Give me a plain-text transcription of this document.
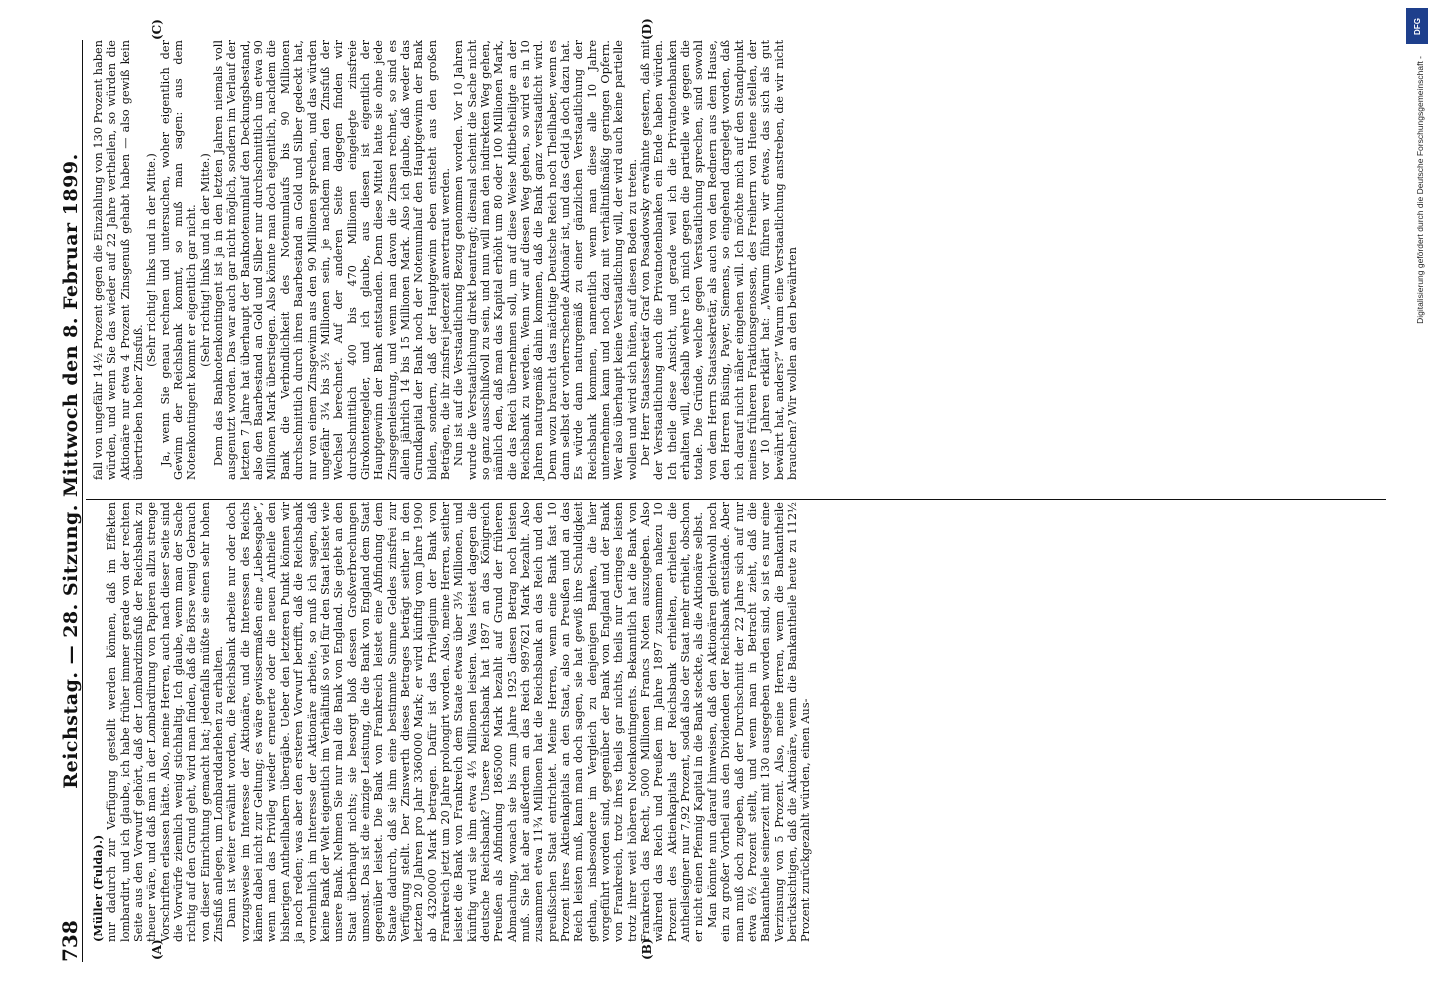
738
Reichstag. — 28. Sitzung. Mittwoch den 8. Februar 1899.
(A)	(B)
(C)	(D)

(Müller (Fulda).) nur dadurch zur Verfügung gestellt werden können, daß im Effekten lombardirt, und ich glaube, ich habe früher immer gerade von der rechten Seite aus den Vorwurf gehört, daß der Lombardzinsfuß der Reichsbank zu theuer wäre, und daß man in der Lombardirung von Papieren allzu strenge Vorschriften erlassen hätte. Also, meine Herren, auch nach dieser Seite sind die Vorwürfe ziemlich wenig stichhaltig. Ich glaube, wenn man der Sache richtig auf den Grund geht, wird man finden, daß die Börse wenig Gebrauch von dieser Einrichtung gemacht hat; jedenfalls müßte sie einen sehr hohen Zinsfuß anlegen, um Lombarddarlehen zu erhalten. Dann ist weiter erwähnt worden, die Reichsbank arbeite nur oder doch vorzugsweise im Interesse der Aktionäre, und die Interessen des Reichs kämen dabei nicht zur Geltung; es wäre gewissermaßen eine „Liebesgabe“, wenn man das Privileg wieder erneuerte oder die neuen Antheile den bisherigen Antheilhabern übergäbe. Ueber den letzteren Punkt können wir ja noch reden; was aber den ersteren Vorwurf betrifft, daß die Reichsbank vornehmlich im Interesse der Aktionäre arbeite, so muß ich sagen, daß keine Bank der Welt eigentlich im Verhältniß so viel für den Staat leistet wie unsere Bank. Nehmen Sie nur mal die Bank von England. Sie giebt an den Staat überhaupt nichts; sie besorgt bloß dessen Großverbrechungen umsonst. Das ist die einzige Leistung, die die Bank von England dem Staat gegenüber leistet. Die Bank von Frankreich leistet eine Abfindung dem Staate dadurch, daß sie ihm eine bestimmte Summe Geldes zinsfrei zur Verfügung stellt. Der Zinswerth dieses Betrages beträgt seither in den letzten 20 Jahren pro Jahr 3360000 Mark; er wird künftig vom Jahre 1900 ab 4320000 Mark betragen. Dafür ist das Privilegium der Bank von Frankreich jetzt um 20 Jahre prolongirt worden. Also, meine Herren, seither leistet die Bank von Frankreich dem Staate etwas über 3⅓ Millionen, und künftig wird sie ihm etwa 4⅓ Millionen leisten. Was leistet dagegen die deutsche Reichsbank? Unsere Reichsbank hat 1897 an das Königreich Preußen als Abfindung 1865000 Mark bezahlt auf Grund der früheren Abmachung, wonach sie bis zum Jahre 1925 diesen Betrag noch leisten muß. Sie hat aber außerdem an das Reich 9897621 Mark bezahlt. Also zusammen etwa 11¾ Millionen hat die Reichsbank an das Reich und den preußischen Staat entrichtet. Meine Herren, wenn eine Bank fast 10 Prozent ihres Aktienkapitals an den Staat, also an Preußen und an das Reich leisten muß, kann man doch sagen, sie hat gewiß ihre Schuldigkeit gethan, insbesondere im Vergleich zu denjenigen Banken, die hier vorgeführt worden sind, gegenüber der Bank von England und der Bank von Frankreich, trotz ihres theils gar nichts, theils nur Geringes leisten trotz ihrer weit höheren Notenkontingents. Bekanntlich hat die Bank von Frankreich das Recht, 5000 Millionen Francs Noten auszugeben. Also während das Reich und Preußen im Jahre 1897 zusammen nahezu 10 Prozent des Aktienkapitals der Reichsbank erhielten, erhielten die Antheilseigner nur 7,92 Prozent, sodaß also der Staat mehr erhielt, obschon er nicht einen Pfennig Kapital in die Bank steckte, als die Aktionäre selbst. Man könnte nun darauf hinweisen, daß den Aktionären gleichwohl noch ein zu großer Vortheil aus den Dividenden der Reichsbank entstände. Aber man muß doch zugeben, daß der Durchschnitt der 22 Jahre sich auf nur etwa 6½ Prozent stellt, und wenn man in Betracht zieht, daß die Bankantheile seinerzeit mit 130 ausgegeben worden sind, so ist es nur eine Verzinsung von 5 Prozent. Also, meine Herren, wenn die Bankantheile berücksichtigen, daß die Aktionäre, wenn die Bankantheile heute zu 112½ Prozent zurückgezahlt würden, einen Aus-

fall von ungefähr 14½ Prozent gegen die Einzahlung von 130 Prozent haben würden, und wenn Sie das wieder auf 22 Jahre vertheilen, so würden die Aktionäre nur etwa 4 Prozent Zinsgenuß gehabt haben — also gewiß kein übertrieben hoher Zinsfuß.

(Sehr richtig! links und in der Mitte.) Ja, wenn Sie genau rechnen und untersuchen, woher eigentlich der Gewinn der Reichsbank kommt, so muß man sagen: aus dem Notenkontingent kommt er eigentlich gar nicht. (Sehr richtig! links und in der Mitte.) Denn das Banknotenkontingent ist ja in den letzten Jahren niemals voll ausgenutzt worden. Das war auch gar nicht möglich, sondern im Verlauf der letzten 7 Jahre hat überhaupt der Banknotenumlauf den Deckungsbestand, also den Baarbestand an Gold und Silber nur durchschnittlich um etwa 90 Millionen Mark überstiegen. Also könnte man doch eigentlich, nachdem die Bank die Verbindlichkeit des Notenumlaufs bis 90 Millionen durchschnittlich durch ihren Baarbestand an Gold und Silber gedeckt hat, nur von einem Zinsgewinn aus den 90 Millionen sprechen, und das würden ungefähr 3¼ bis 3½ Millionen sein, je nachdem man den Zinsfuß der Wechsel berechnet. Auf der anderen Seite dagegen finden wir durchschnittlich 400 bis 470 Millionen eingelegte zinsfreie Girokontengelder, und ich glaube, aus diesen ist eigentlich der Hauptgewinn der Bank entstanden. Denn diese Mittel hatte sie ohne jede Zinsgegenleistung, und wenn man davon die Zinsen rechnet, so sind es allein jährlich 14 bis 15 Millionen Mark. Also ich glaube, daß weder das Grundkapital der Bank noch der Notenumlauf den Hauptgewinn der Bank bilden, sondern, daß der Hauptgewinn eben entsteht aus den großen Beträgen, die ihr zinsfrei jederzeit anvertraut werden. Nun ist auf die Verstaatlichung Bezug genommen worden. Vor 10 Jahren wurde die Verstaatlichung direkt beantragt; diesmal scheint die Sache nicht so ganz ausschlußvoll zu sein, und nun will man den indirekten Weg gehen, nämlich den, daß man das Kapital erhöht um 80 oder 100 Millionen Mark, die das Reich übernehmen soll, um auf diese Weise Mitbetheiligte an der Reichsbank zu werden. Wenn wir auf diesen Weg gehen, so wird es in 10 Jahren naturgemäß dahin kommen, daß die Bank ganz verstaatlicht wird. Denn wozu braucht das mächtige Deutsche Reich noch Theilhaber, wenn es dann selbst der vorherrschende Aktionär ist, und das Geld ja doch dazu hat. Es würde dann naturgemäß zu einer gänzlichen Verstaatlichung der Reichsbank kommen, namentlich wenn man diese alle 10 Jahre unternehmen kann und noch dazu mit verhältnißmäßig geringen Opfern. Wer also überhaupt keine Verstaatlichung will, der wird auch keine partielle wollen und wird sich hüten, auf diesen Boden zu treten. Der Herr Staatssekretär Graf von Posadowsky erwähnte gestern, daß mit der Verstaatlichung auch die Privatnotenbanken ein Ende haben würden. Ich theile diese Ansicht, und gerade weil ich die Privatnotenbanken erhalten will, deshalb wehre ich mich gegen die partielle wie gegen die totale. Die Gründe, welche gegen Verstaatlichung sprechen, sind sowohl von dem Herrn Staatssekretär, als auch von den Rednern aus dem Hause, den Herren Büsing, Payer, Siemens, so eingehend dargelegt worden, daß ich darauf nicht näher eingehen will. Ich möchte mich auf den Standpunkt meines früheren Fraktionsgenossen, des Freiherrn von Huene stellen, der vor 10 Jahren erklärt hat: „Warum führen wir etwas, das sich als gut bewährt hat, anders?“ Warum eine Verstaatlichung anstreben, die wir nicht brauchen? Wir wollen an den bewährten

DFG
Digitalisierung gefördert durch die Deutsche Forschungsgemeinschaft -
